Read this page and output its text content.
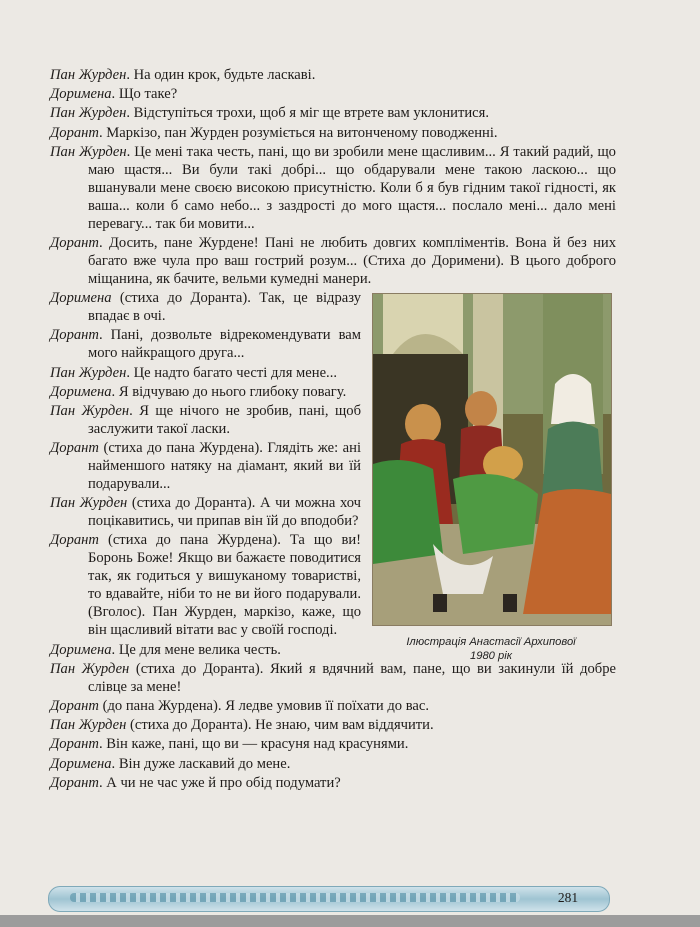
Пан Журден. На один крок, будьте ласкаві.

Доримена. Що таке?

Пан Журден. Відступіться трохи, щоб я міг ще втрете вам уклонитися.

Дорант. Маркізо, пан Журден розуміється на витонченому поводженні.

Пан Журден. Це мені така честь, пані, що ви зробили мене щасливим... Я такий радий, що маю щастя... Ви були такі добрі... що обдарували мене такою ласкою... що вшанували мене своєю високою присутністю. Коли б я був гідним такої гідності, як ваша... коли б само небо... з заздрості до мого щастя... послало мені... дало мені перевагу... так би мовити...

Дорант. Досить, пане Журдене! Пані не любить довгих компліментів. Вона й без них багато вже чула про ваш гострий розум... (Стиха до Доримени). В цього доброго міщанина, як бачите, вельми кумедні манери.

Доримена (стиха до Доранта). Так, це відразу впадає в очі.

Дорант. Пані, дозвольте відрекомендувати вам мого найкращого друга...

Пан Журден. Це надто багато честі для мене...

Доримена. Я відчуваю до нього глибоку повагу.

Пан Журден. Я ще нічого не зробив, пані, щоб заслужити такої ласки.

Дорант (стиха до пана Журдена). Глядіть же: ані найменшого натяку на діамант, який ви їй подарували...

Пан Журден (стиха до Доранта). А чи можна хоч поцікавитись, чи припав він їй до вподоби?

Дорант (стиха до пана Журдена). Та що ви! Боронь Боже! Якщо ви бажаєте поводитися так, як годиться у вишуканому товаристві, то вдавайте, ніби то не ви його подарували. (Вголос). Пан Журден, маркізо, каже, що він щасливий вітати вас у своїй господі.

Доримена. Це для мене велика честь.

Пан Журден (стиха до Доранта). Який я вдячний вам, пане, що ви закинули їй добре слівце за мене!

Дорант (до пана Журдена). Я ледве умовив її поїхати до вас.

Пан Журден (стиха до Доранта). Не знаю, чим вам віддячити.

Дорант. Він каже, пані, що ви — красуня над красунями.

Доримена. Він дуже ласкавий до мене.

Дорант. А чи не час уже й про обід подумати?

Ілюстрація Анастасії Архипової
1980 рік
281
